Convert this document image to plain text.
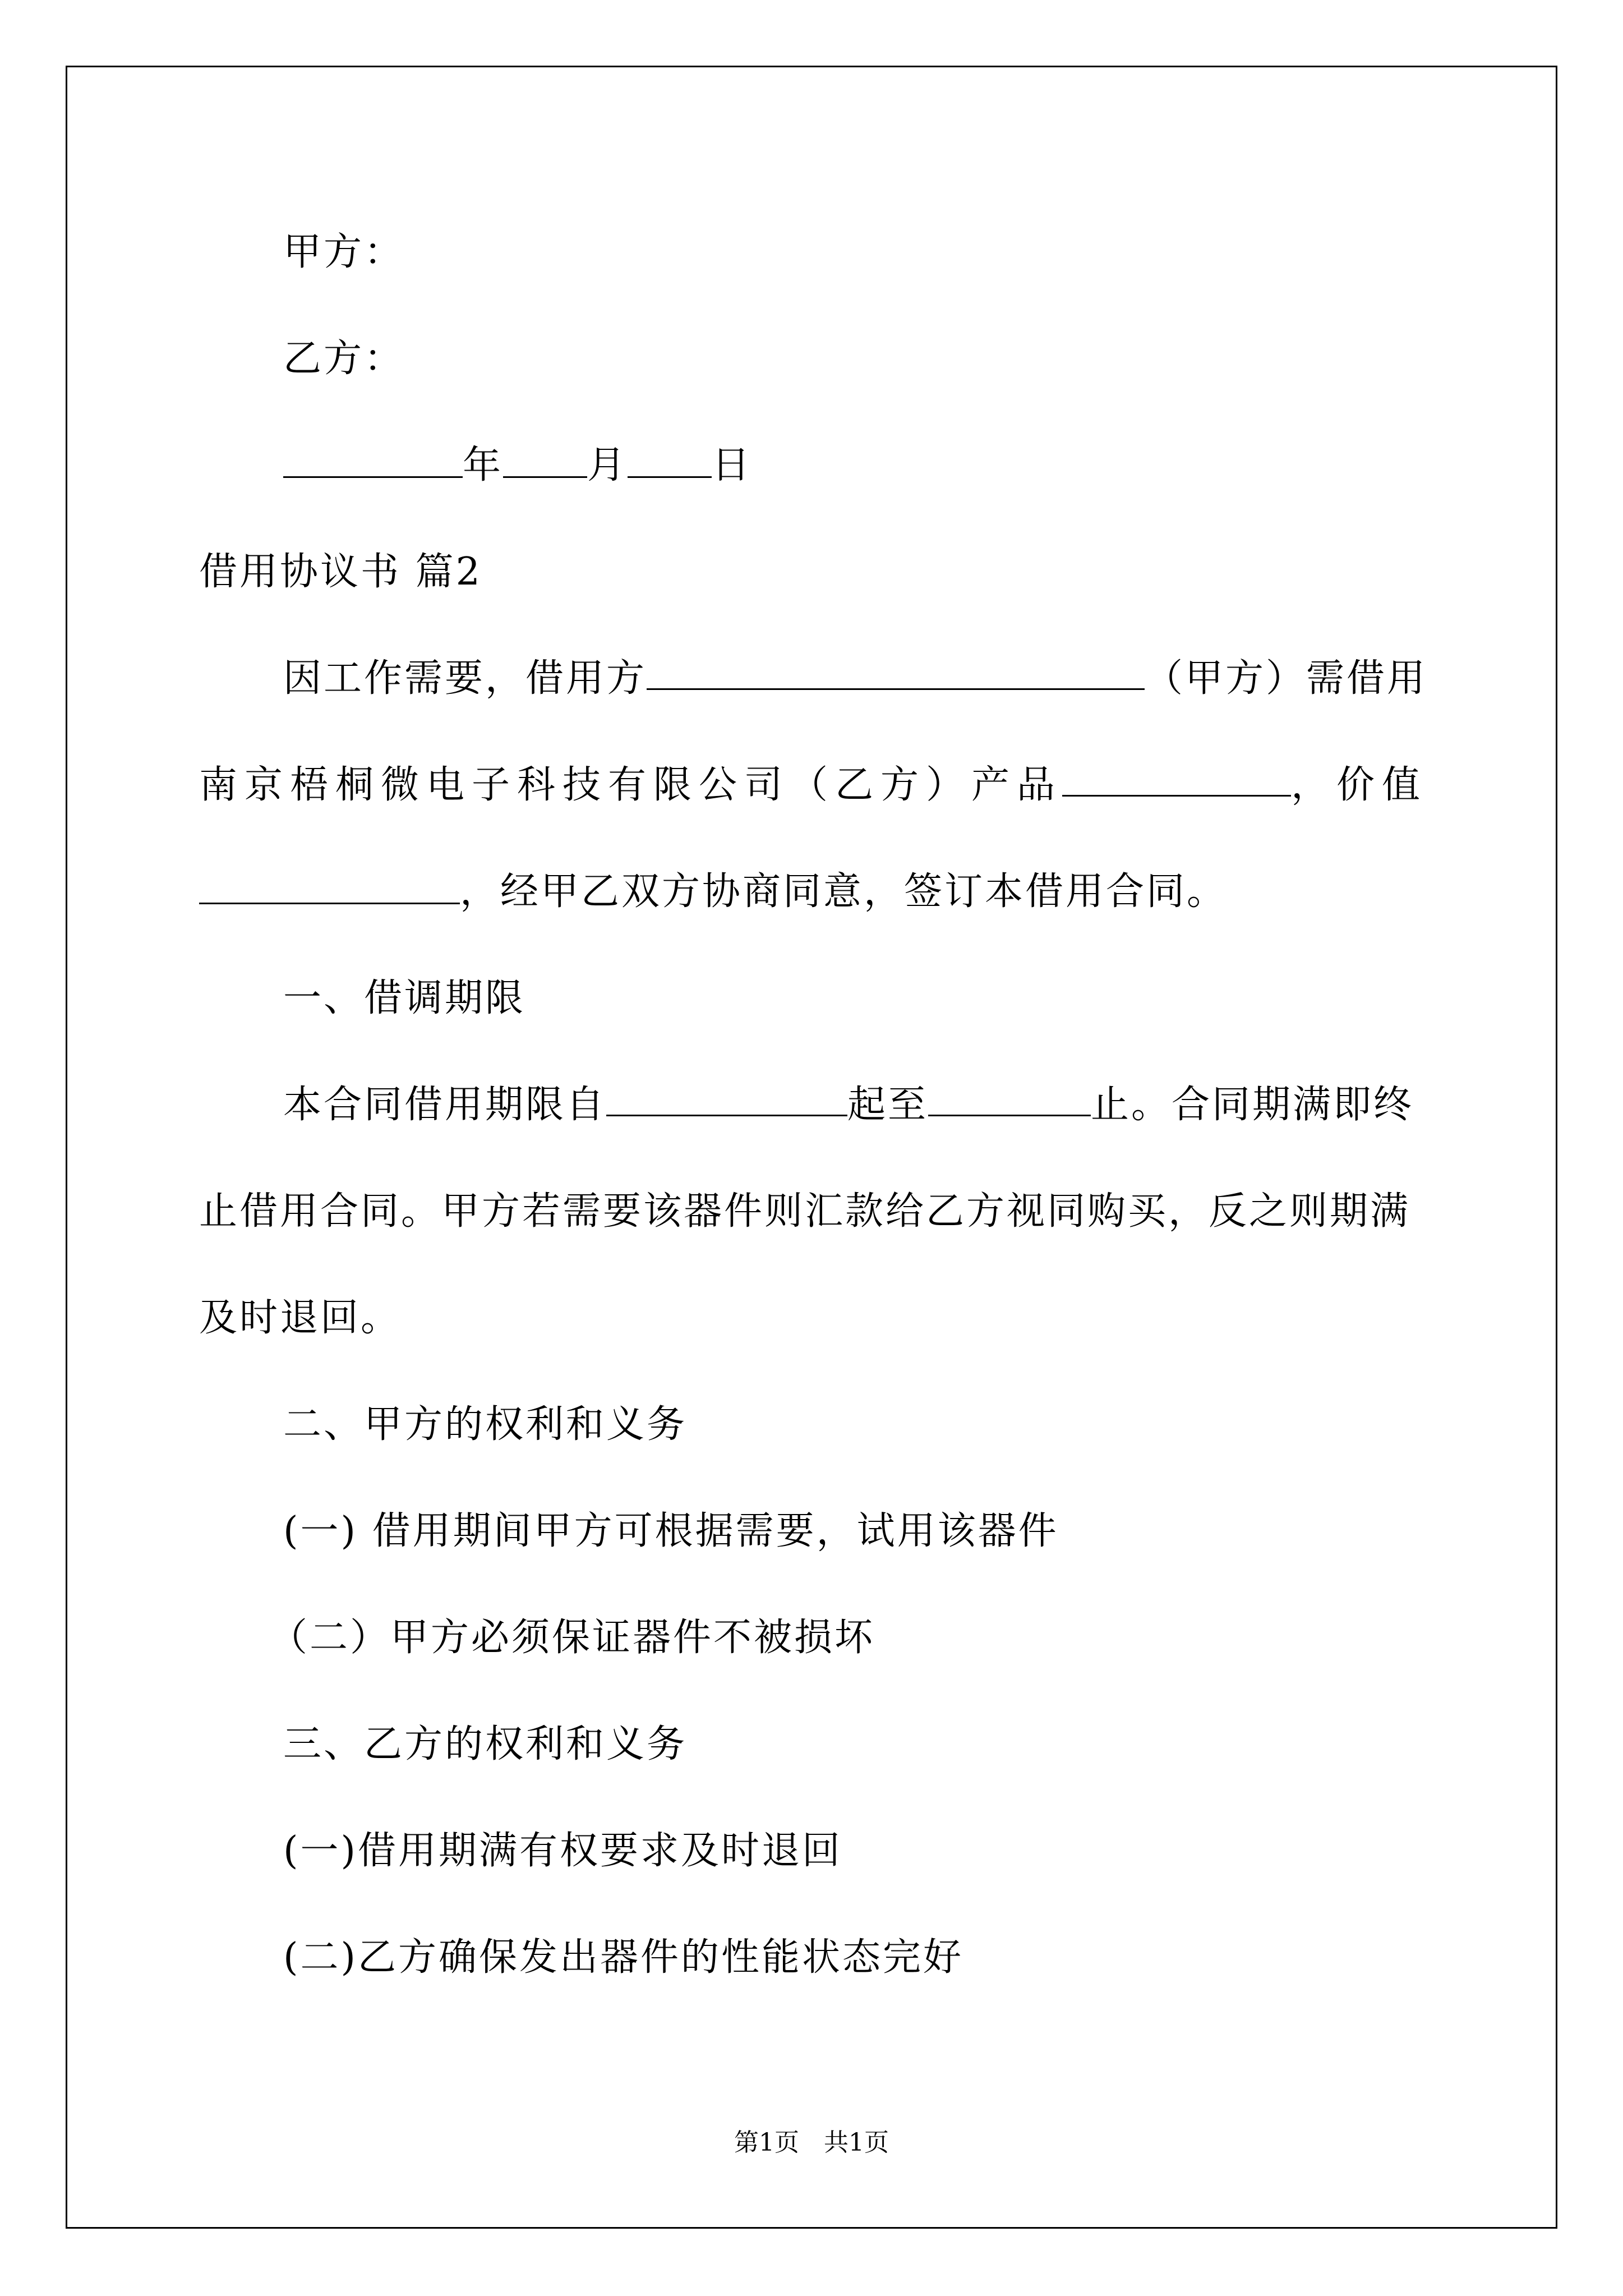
甲方：
乙方：
年 月 日
借用协议书 篇2
因工作需要，借用方	（甲方）需借用
南京梧桐微电子科技有限公司（乙方）产品	，价值
，经甲乙双方协商同意，签订本借用合同。
一、借调期限
本合同借用期限自	起至	止。合同期满即终
止借用合同。甲方若需要该器件则汇款给乙方视同购买，反之则期满
及时退回。
二、甲方的权利和义务
(一) 借用期间甲方可根据需要，试用该器件
（二）甲方必须保证器件不被损坏
三、乙方的权利和义务
(一)借用期满有权要求及时退回
(二)乙方确保发出器件的性能状态完好
第1页　共1页
